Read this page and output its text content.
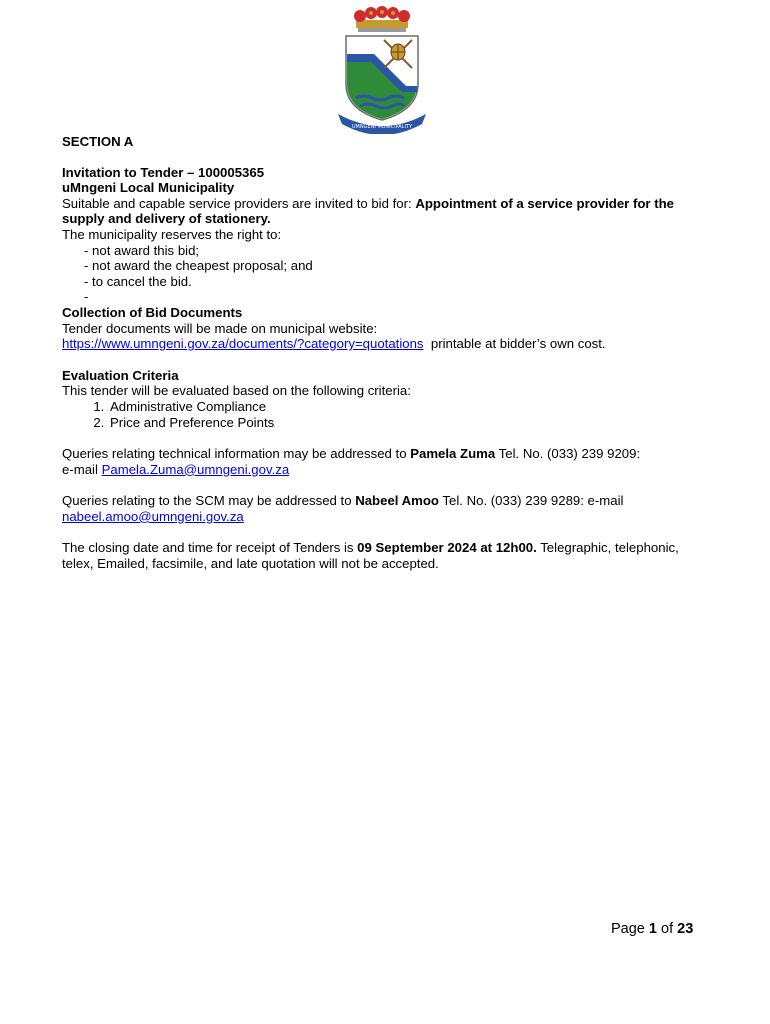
UMNGENI MUNICIPALITY
SECTION A
Invitation to Tender – 100005365
uMngeni Local Municipality
Suitable and capable service providers are invited to bid for: Appointment of a service provider for the supply and delivery of stationery.
The municipality reserves the right to:
- not award this bid;
- not award the cheapest proposal; and
- to cancel the bid.
-
Collection of Bid Documents
Tender documents will be made on municipal website:
https://www.umngeni.gov.za/documents/?category=quotations  printable at bidder’s own cost.
Evaluation Criteria
This tender will be evaluated based on the following criteria:
1. Administrative Compliance
2. Price and Preference Points
Queries relating technical information may be addressed to Pamela Zuma Tel. No. (033) 239 9209:
e-mail Pamela.Zuma@umngeni.gov.za
Queries relating to the SCM may be addressed to Nabeel Amoo Tel. No. (033) 239 9289: e-mail
nabeel.amoo@umngeni.gov.za
The closing date and time for receipt of Tenders is 09 September 2024 at 12h00. Telegraphic, telephonic, telex, Emailed, facsimile, and late quotation will not be accepted.
Page 1 of 23
